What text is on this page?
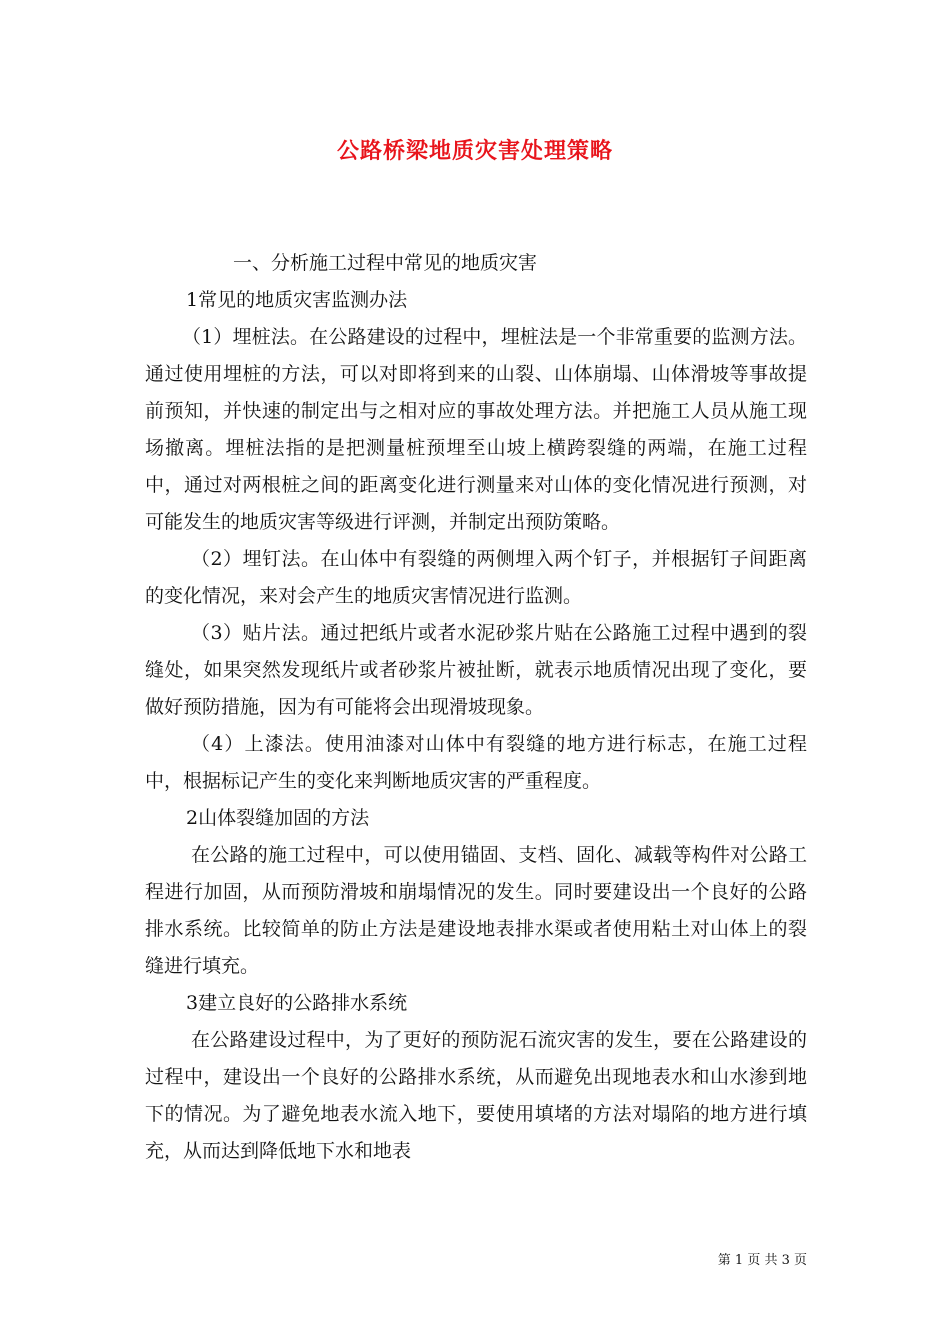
公路桥梁地质灾害处理策略

一、分析施工过程中常见的地质灾害

1常见的地质灾害监测办法

（1）埋桩法。在公路建设的过程中，埋桩法是一个非常重要的监测方法。通过使用埋桩的方法，可以对即将到来的山裂、山体崩塌、山体滑坡等事故提前预知，并快速的制定出与之相对应的事故处理方法。并把施工人员从施工现场撤离。埋桩法指的是把测量桩预埋至山坡上横跨裂缝的两端，在施工过程中，通过对两根桩之间的距离变化进行测量来对山体的变化情况进行预测，对可能发生的地质灾害等级进行评测，并制定出预防策略。

（2）埋钉法。在山体中有裂缝的两侧埋入两个钉子，并根据钉子间距离的变化情况，来对会产生的地质灾害情况进行监测。

（3）贴片法。通过把纸片或者水泥砂浆片贴在公路施工过程中遇到的裂缝处，如果突然发现纸片或者砂浆片被扯断，就表示地质情况出现了变化，要做好预防措施，因为有可能将会出现滑坡现象。

（4）上漆法。使用油漆对山体中有裂缝的地方进行标志，在施工过程中，根据标记产生的变化来判断地质灾害的严重程度。

2山体裂缝加固的方法

在公路的施工过程中，可以使用锚固、支档、固化、减载等构件对公路工程进行加固，从而预防滑坡和崩塌情况的发生。同时要建设出一个良好的公路排水系统。比较简单的防止方法是建设地表排水渠或者使用粘土对山体上的裂缝进行填充。

3建立良好的公路排水系统

在公路建设过程中，为了更好的预防泥石流灾害的发生，要在公路建设的过程中，建设出一个良好的公路排水系统，从而避免出现地表水和山水渗到地下的情况。为了避免地表水流入地下，要使用填堵的方法对塌陷的地方进行填充，从而达到降低地下水和地表

第 1 页 共 3 页
